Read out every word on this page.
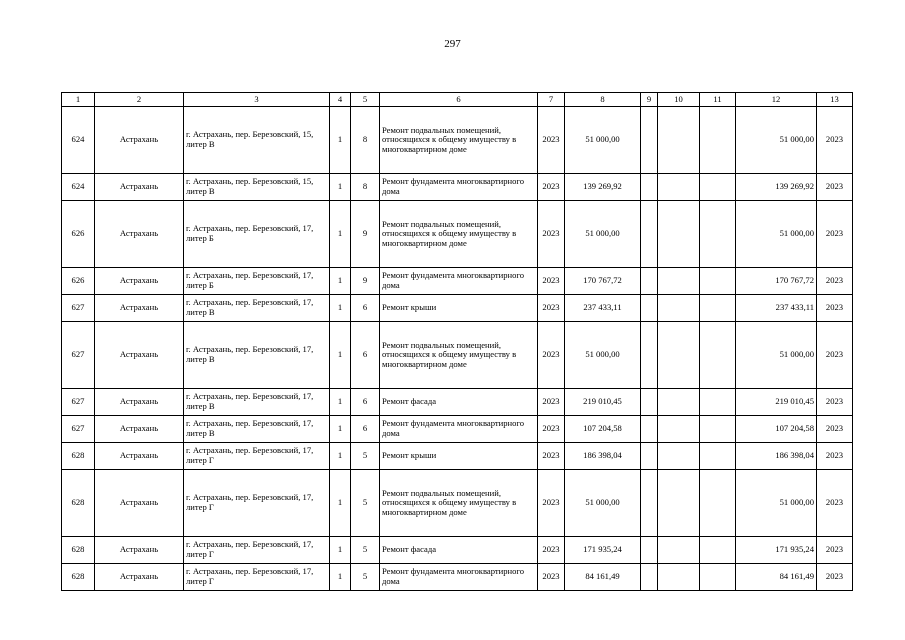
297
1	2	3	4	5	6	7	8	9	10	11	12	13
624	Астрахань	г. Астрахань, пер. Березовский, 15, литер В	1	8	Ремонт подвальных помещений, относящихся к общему имуществу в многоквартирном доме	2023	51 000,00				51 000,00	2023
624	Астрахань	г. Астрахань, пер. Березовский, 15, литер В	1	8	Ремонт фундамента многоквартирного дома	2023	139 269,92				139 269,92	2023
626	Астрахань	г. Астрахань, пер. Березовский, 17, литер Б	1	9	Ремонт подвальных помещений, относящихся к общему имуществу в многоквартирном доме	2023	51 000,00				51 000,00	2023
626	Астрахань	г. Астрахань, пер. Березовский, 17, литер Б	1	9	Ремонт фундамента многоквартирного дома	2023	170 767,72				170 767,72	2023
627	Астрахань	г. Астрахань, пер. Березовский, 17, литер В	1	6	Ремонт крыши	2023	237 433,11				237 433,11	2023
627	Астрахань	г. Астрахань, пер. Березовский, 17, литер В	1	6	Ремонт подвальных помещений, относящихся к общему имуществу в многоквартирном доме	2023	51 000,00				51 000,00	2023
627	Астрахань	г. Астрахань, пер. Березовский, 17, литер В	1	6	Ремонт фасада	2023	219 010,45				219 010,45	2023
627	Астрахань	г. Астрахань, пер. Березовский, 17, литер В	1	6	Ремонт фундамента многоквартирного дома	2023	107 204,58				107 204,58	2023
628	Астрахань	г. Астрахань, пер. Березовский, 17, литер Г	1	5	Ремонт крыши	2023	186 398,04				186 398,04	2023
628	Астрахань	г. Астрахань, пер. Березовский, 17, литер Г	1	5	Ремонт подвальных помещений, относящихся к общему имуществу в многоквартирном доме	2023	51 000,00				51 000,00	2023
628	Астрахань	г. Астрахань, пер. Березовский, 17, литер Г	1	5	Ремонт фасада	2023	171 935,24				171 935,24	2023
628	Астрахань	г. Астрахань, пер. Березовский, 17, литер Г	1	5	Ремонт фундамента многоквартирного дома	2023	84 161,49				84 161,49	2023
